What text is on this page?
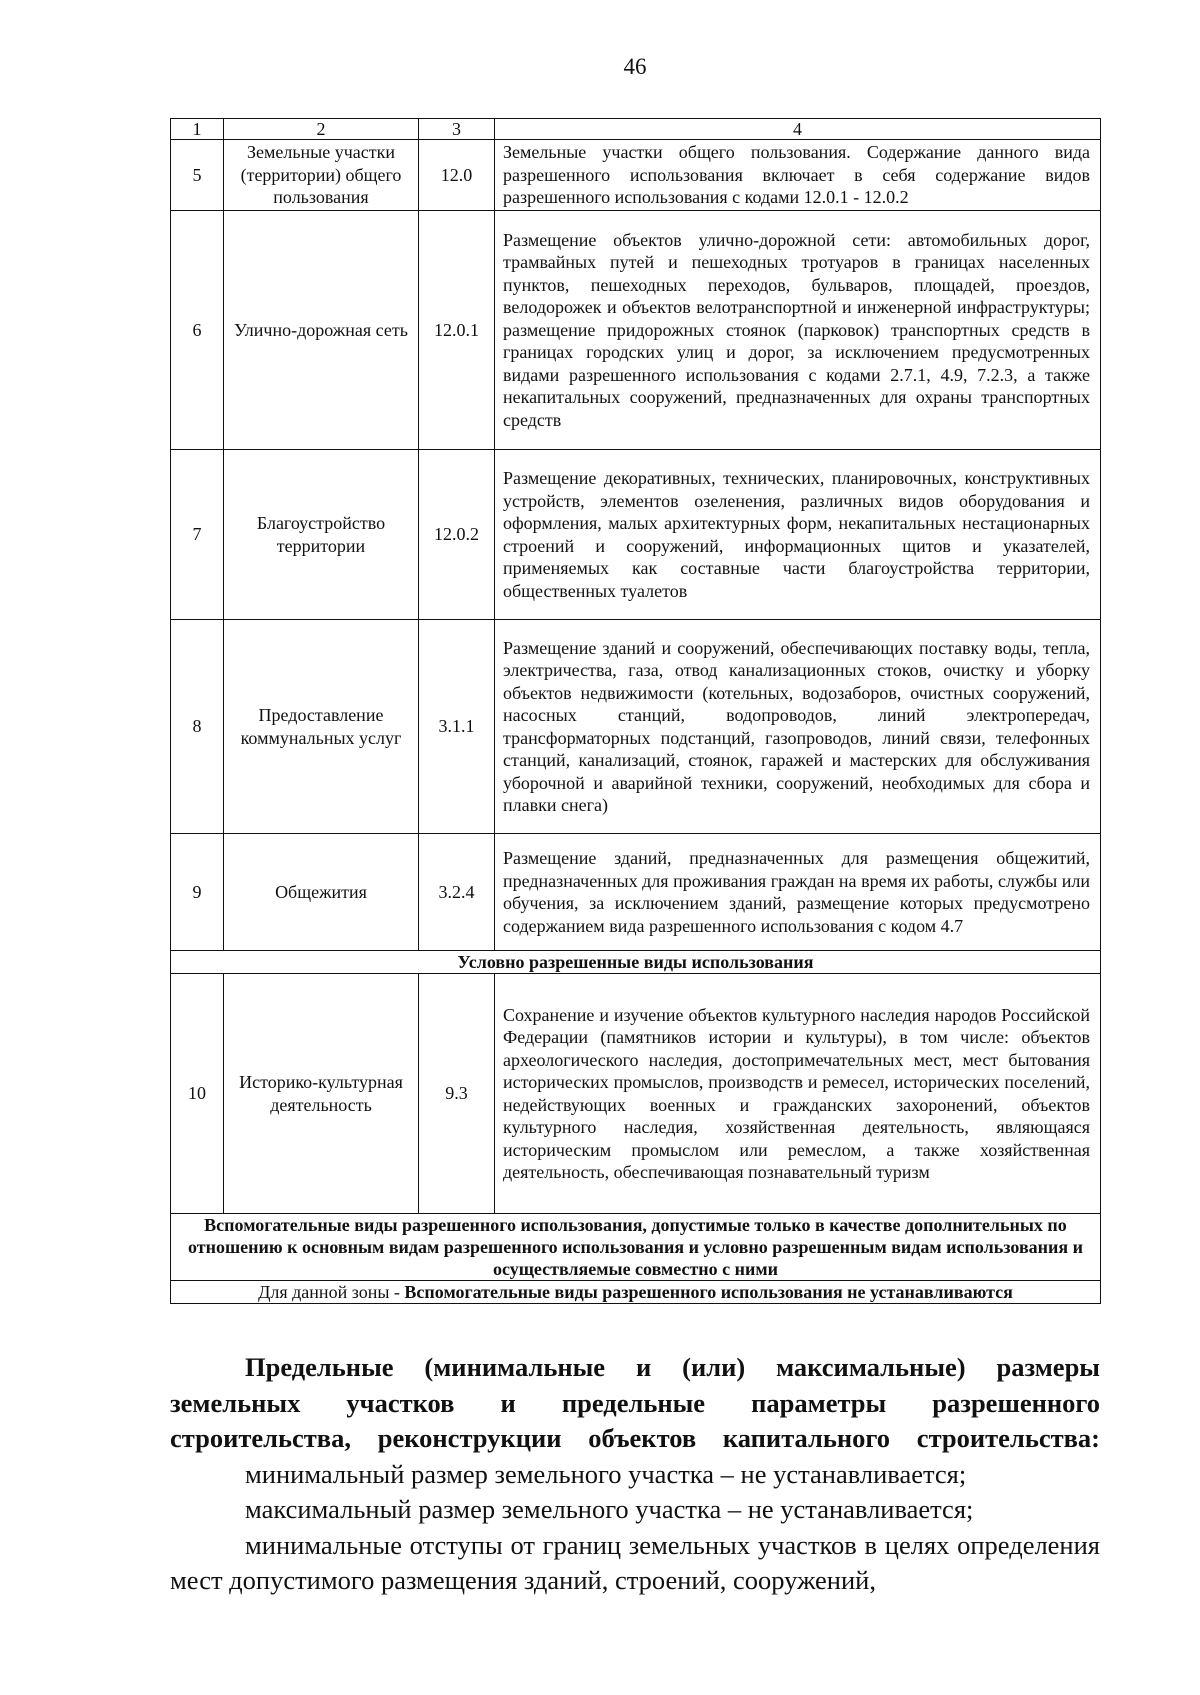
46
1	2	3	4
5	Земельные участки (территории) общего пользования	12.0	Земельные участки общего пользования. Содержание данного вида разрешенного использования включает в себя содержание видов разрешенного использования с кодами 12.0.1 - 12.0.2
6	Улично-дорожная сеть	12.0.1	Размещение объектов улично-дорожной сети: автомобильных дорог, трамвайных путей и пешеходных тротуаров в границах населенных пунктов, пешеходных переходов, бульваров, площадей, проездов, велодорожек и объектов велотранспортной и инженерной инфраструктуры; размещение придорожных стоянок (парковок) транспортных средств в границах городских улиц и дорог, за исключением предусмотренных видами разрешенного использования с кодами 2.7.1, 4.9, 7.2.3, а также некапитальных сооружений, предназначенных для охраны транспортных средств
7	Благоустройство территории	12.0.2	Размещение декоративных, технических, планировочных, конструктивных устройств, элементов озеленения, различных видов оборудования и оформления, малых архитектурных форм, некапитальных нестационарных строений и сооружений, информационных щитов и указателей, применяемых как составные части благоустройства территории, общественных туалетов
8	Предоставление коммунальных услуг	3.1.1	Размещение зданий и сооружений, обеспечивающих поставку воды, тепла, электричества, газа, отвод канализационных стоков, очистку и уборку объектов недвижимости (котельных, водозаборов, очистных сооружений, насосных станций, водопроводов, линий электропередач, трансформаторных подстанций, газопроводов, линий связи, телефонных станций, канализаций, стоянок, гаражей и мастерских для обслуживания уборочной и аварийной техники, сооружений, необходимых для сбора и плавки снега)
9	Общежития	3.2.4	Размещение зданий, предназначенных для размещения общежитий, предназначенных для проживания граждан на время их работы, службы или обучения, за исключением зданий, размещение которых предусмотрено содержанием вида разрешенного использования с кодом 4.7
Условно разрешенные виды использования			
10	Историко-культурная деятельность	9.3	Сохранение и изучение объектов культурного наследия народов Российской Федерации (памятников истории и культуры), в том числе: объектов археологического наследия, достопримечательных мест, мест бытования исторических промыслов, производств и ремесел, исторических поселений, недействующих военных и гражданских захоронений, объектов культурного наследия, хозяйственная деятельность, являющаяся историческим промыслом или ремеслом, а также хозяйственная деятельность, обеспечивающая познавательный туризм
Вспомогательные виды разрешенного использования, допустимые только в качестве дополнительных по отношению к основным видам разрешенного использования и условно разрешенным видам использования и осуществляемые совместно с ними			
Для данной зоны - Вспомогательные виды разрешенного использования не устанавливаются			

Предельные (минимальные и (или) максимальные) размеры
земельных участков и предельные параметры разрешенного
строительства, реконструкции объектов капитального строительства:

минимальный размер земельного участка – не устанавливается;

максимальный размер земельного участка – не устанавливается;

минимальные отступы от границ земельных участков в целях определения мест допустимого размещения зданий, строений, сооружений,
